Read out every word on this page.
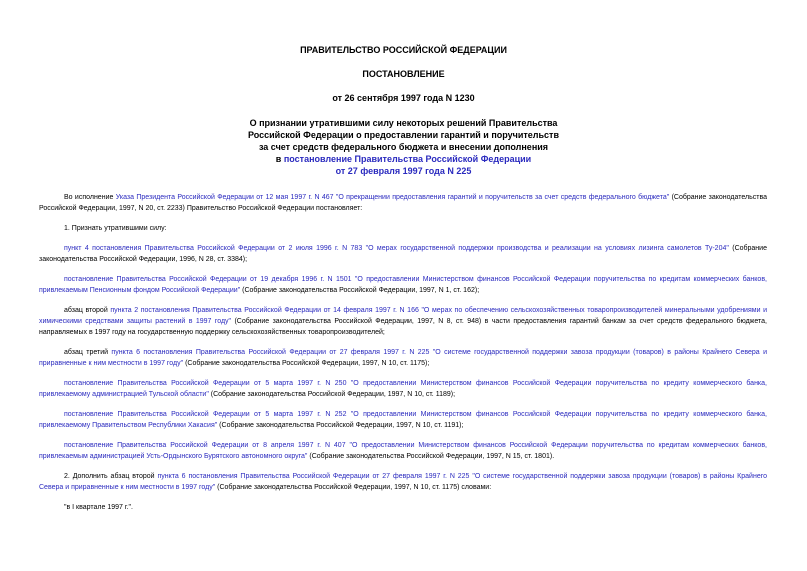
ПРАВИТЕЛЬСТВО РОССИЙСКОЙ ФЕДЕРАЦИИ
ПОСТАНОВЛЕНИЕ
от 26 сентября 1997 года N 1230
О признании утратившими силу некоторых решений Правительства
Российской Федерации о предоставлении гарантий и поручительств
за счет средств федерального бюджета и внесении дополнения
в постановление Правительства Российской Федерации
от 27 февраля 1997 года N 225

Во исполнение Указа Президента Российской Федерации от 12 мая 1997 г. N 467 "О прекращении предоставления гарантий и поручительств за счет средств федерального бюджета" (Собрание законодательства Российской Федерации, 1997, N 20, ст. 2233) Правительство Российской Федерации постановляет:

1. Признать утратившими силу:

пункт 4 постановления Правительства Российской Федерации от 2 июля 1996 г. N 783 "О мерах государственной поддержки производства и реализации на условиях лизинга самолетов Ту-204" (Собрание законодательства Российской Федерации, 1996, N 28, ст. 3384);

постановление Правительства Российской Федерации от 19 декабря 1996 г. N 1501 "О предоставлении Министерством финансов Российской Федерации поручительства по кредитам коммерческих банков, привлекаемым Пенсионным фондом Российской Федерации" (Собрание законодательства Российской Федерации, 1997, N 1, ст. 162);

абзац второй пункта 2 постановления Правительства Российской Федерации от 14 февраля 1997 г. N 166 "О мерах по обеспечению сельскохозяйственных товаропроизводителей минеральными удобрениями и химическими средствами защиты растений в 1997 году" (Собрание законодательства Российской Федерации, 1997, N 8, ст. 948) в части предоставления гарантий банкам за счет средств федерального бюджета, направляемых в 1997 году на государственную поддержку сельскохозяйственных товаропроизводителей;

абзац третий пункта 6 постановления Правительства Российской Федерации от 27 февраля 1997 г. N 225 "О системе государственной поддержки завоза продукции (товаров) в районы Крайнего Севера и приравненные к ним местности в 1997 году" (Собрание законодательства Российской Федерации, 1997, N 10, ст. 1175);

постановление Правительства Российской Федерации от 5 марта 1997 г. N 250 "О предоставлении Министерством финансов Российской Федерации поручительства по кредиту коммерческого банка, привлекаемому администрацией Тульской области" (Собрание законодательства Российской Федерации, 1997, N 10, ст. 1189);

постановление Правительства Российской Федерации от 5 марта 1997 г. N 252 "О предоставлении Министерством финансов Российской Федерации поручительства по кредиту коммерческого банка, привлекаемому Правительством Республики Хакасия" (Собрание законодательства Российской Федерации, 1997, N 10, ст. 1191);

постановление Правительства Российской Федерации от 8 апреля 1997 г. N 407 "О предоставлении Министерством финансов Российской Федерации поручительства по кредитам коммерческих банков, привлекаемым администрацией Усть-Ордынского Бурятского автономного округа" (Собрание законодательства Российской Федерации, 1997, N 15, ст. 1801).

2. Дополнить абзац второй пункта 6 постановления Правительства Российской Федерации от 27 февраля 1997 г. N 225 "О системе государственной поддержки завоза продукции (товаров) в районы Крайнего Севера и приравненные к ним местности в 1997 году" (Собрание законодательства Российской Федерации, 1997, N 10, ст. 1175) словами:

"в I квартале 1997 г.".
